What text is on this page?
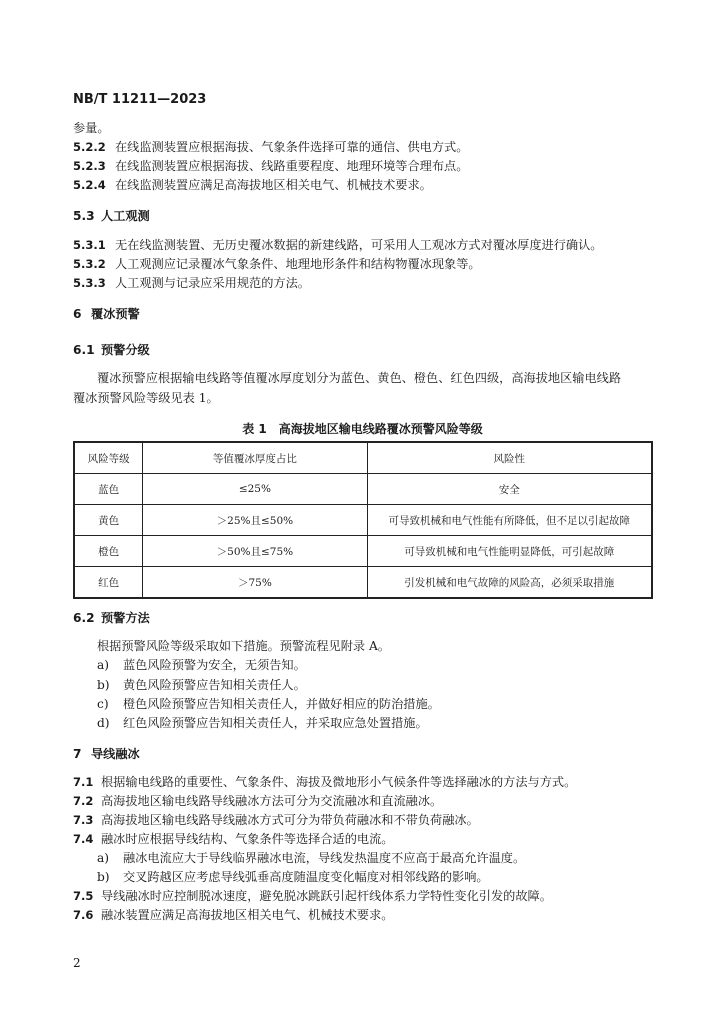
NB/T 11211—2023
参量。
5.2.2 在线监测装置应根据海拔、气象条件选择可靠的通信、供电方式。
5.2.3 在线监测装置应根据海拔、线路重要程度、地理环境等合理布点。
5.2.4 在线监测装置应满足高海拔地区相关电气、机械技术要求。
5.3 人工观测
5.3.1 无在线监测装置、无历史覆冰数据的新建线路，可采用人工观冰方式对覆冰厚度进行确认。
5.3.2 人工观测应记录覆冰气象条件、地理地形条件和结构物覆冰现象等。
5.3.3 人工观测与记录应采用规范的方法。
6 覆冰预警
6.1 预警分级
覆冰预警应根据输电线路等值覆冰厚度划分为蓝色、黄色、橙色、红色四级，高海拔地区输电线路
覆冰预警风险等级见表 1。
表 1　高海拔地区输电线路覆冰预警风险等级
风险等级	等值覆冰厚度占比	风险性
蓝色	≤25%	安全
黄色	＞25%且≤50%	可导致机械和电气性能有所降低，但不足以引起故障
橙色	＞50%且≤75%	可导致机械和电气性能明显降低，可引起故障
红色	＞75%	引发机械和电气故障的风险高，必须采取措施
6.2 预警方法
根据预警风险等级采取如下措施。预警流程见附录 A。
a) 蓝色风险预警为安全，无须告知。
b) 黄色风险预警应告知相关责任人。
c) 橙色风险预警应告知相关责任人，并做好相应的防治措施。
d) 红色风险预警应告知相关责任人，并采取应急处置措施。
7 导线融冰
7.1 根据输电线路的重要性、气象条件、海拔及微地形小气候条件等选择融冰的方法与方式。
7.2 高海拔地区输电线路导线融冰方法可分为交流融冰和直流融冰。
7.3 高海拔地区输电线路导线融冰方式可分为带负荷融冰和不带负荷融冰。
7.4 融冰时应根据导线结构、气象条件等选择合适的电流。
a) 融冰电流应大于导线临界融冰电流，导线发热温度不应高于最高允许温度。
b) 交叉跨越区应考虑导线弧垂高度随温度变化幅度对相邻线路的影响。
7.5 导线融冰时应控制脱冰速度，避免脱冰跳跃引起杆线体系力学特性变化引发的故障。
7.6 融冰装置应满足高海拔地区相关电气、机械技术要求。
2
